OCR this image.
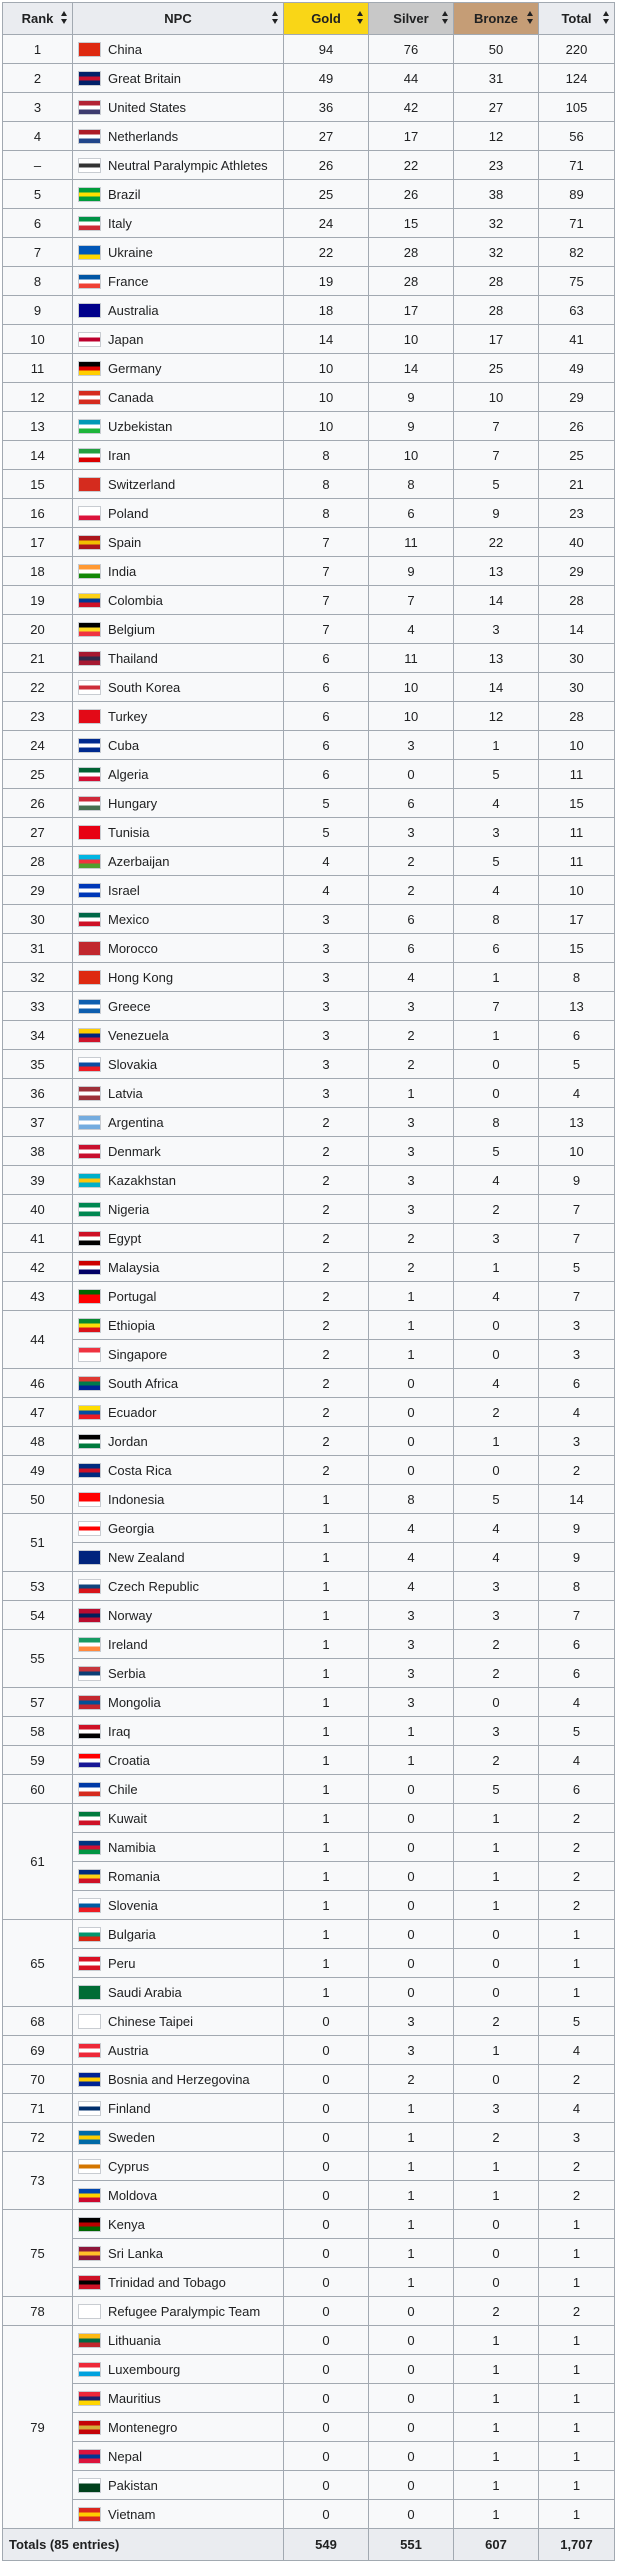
Rank	NPC	Gold	Silver	Bronze	Total

1	China	94	76	50	220
2	Great Britain	49	44	31	124
3	United States	36	42	27	105
4	Netherlands	27	17	12	56
–	Neutral Paralympic Athletes	26	22	23	71
5	Brazil	25	26	38	89
6	Italy	24	15	32	71
7	Ukraine	22	28	32	82
8	France	19	28	28	75
9	Australia	18	17	28	63
10	Japan	14	10	17	41
11	Germany	10	14	25	49
12	Canada	10	9	10	29
13	Uzbekistan	10	9	7	26
14	Iran	8	10	7	25
15	Switzerland	8	8	5	21
16	Poland	8	6	9	23
17	Spain	7	11	22	40
18	India	7	9	13	29
19	Colombia	7	7	14	28
20	Belgium	7	4	3	14
21	Thailand	6	11	13	30
22	South Korea	6	10	14	30
23	Turkey	6	10	12	28
24	Cuba	6	3	1	10
25	Algeria	6	0	5	11
26	Hungary	5	6	4	15
27	Tunisia	5	3	3	11
28	Azerbaijan	4	2	5	11
29	Israel	4	2	4	10
30	Mexico	3	6	8	17
31	Morocco	3	6	6	15
32	Hong Kong	3	4	1	8
33	Greece	3	3	7	13
34	Venezuela	3	2	1	6
35	Slovakia	3	2	0	5
36	Latvia	3	1	0	4
37	Argentina	2	3	8	13
38	Denmark	2	3	5	10
39	Kazakhstan	2	3	4	9
40	Nigeria	2	3	2	7
41	Egypt	2	2	3	7
42	Malaysia	2	2	1	5
43	Portugal	2	1	4	7
44	Ethiopia	2	1	0	3

	Singapore	2	1	0	3
46	South Africa	2	0	4	6
47	Ecuador	2	0	2	4
48	Jordan	2	0	1	3
49	Costa Rica	2	0	0	2
50	Indonesia	1	8	5	14
51	Georgia	1	4	4	9

	New Zealand	1	4	4	9
53	Czech Republic	1	4	3	8
54	Norway	1	3	3	7
55	Ireland	1	3	2	6

	Serbia	1	3	2	6
57	Mongolia	1	3	0	4
58	Iraq	1	1	3	5
59	Croatia	1	1	2	4
60	Chile	1	0	5	6
61	Kuwait	1	0	1	2

	Namibia	1	0	1	2

	Romania	1	0	1	2

	Slovenia	1	0	1	2
65	Bulgaria	1	0	0	1

	Peru	1	0	0	1

	Saudi Arabia	1	0	0	1
68	Chinese Taipei	0	3	2	5
69	Austria	0	3	1	4
70	Bosnia and Herzegovina	0	2	0	2
71	Finland	0	1	3	4
72	Sweden	0	1	2	3
73	Cyprus	0	1	1	2

	Moldova	0	1	1	2
75	Kenya	0	1	0	1

	Sri Lanka	0	1	0	1

	Trinidad and Tobago	0	1	0	1
78	Refugee Paralympic Team	0	0	2	2
79	Lithuania	0	0	1	1

	Luxembourg	0	0	1	1

	Mauritius	0	0	1	1

	Montenegro	0	0	1	1

	Nepal	0	0	1	1

	Pakistan	0	0	1	1

	Vietnam	0	0	1	1
Totals (85 entries)		549	551	607	1,707
